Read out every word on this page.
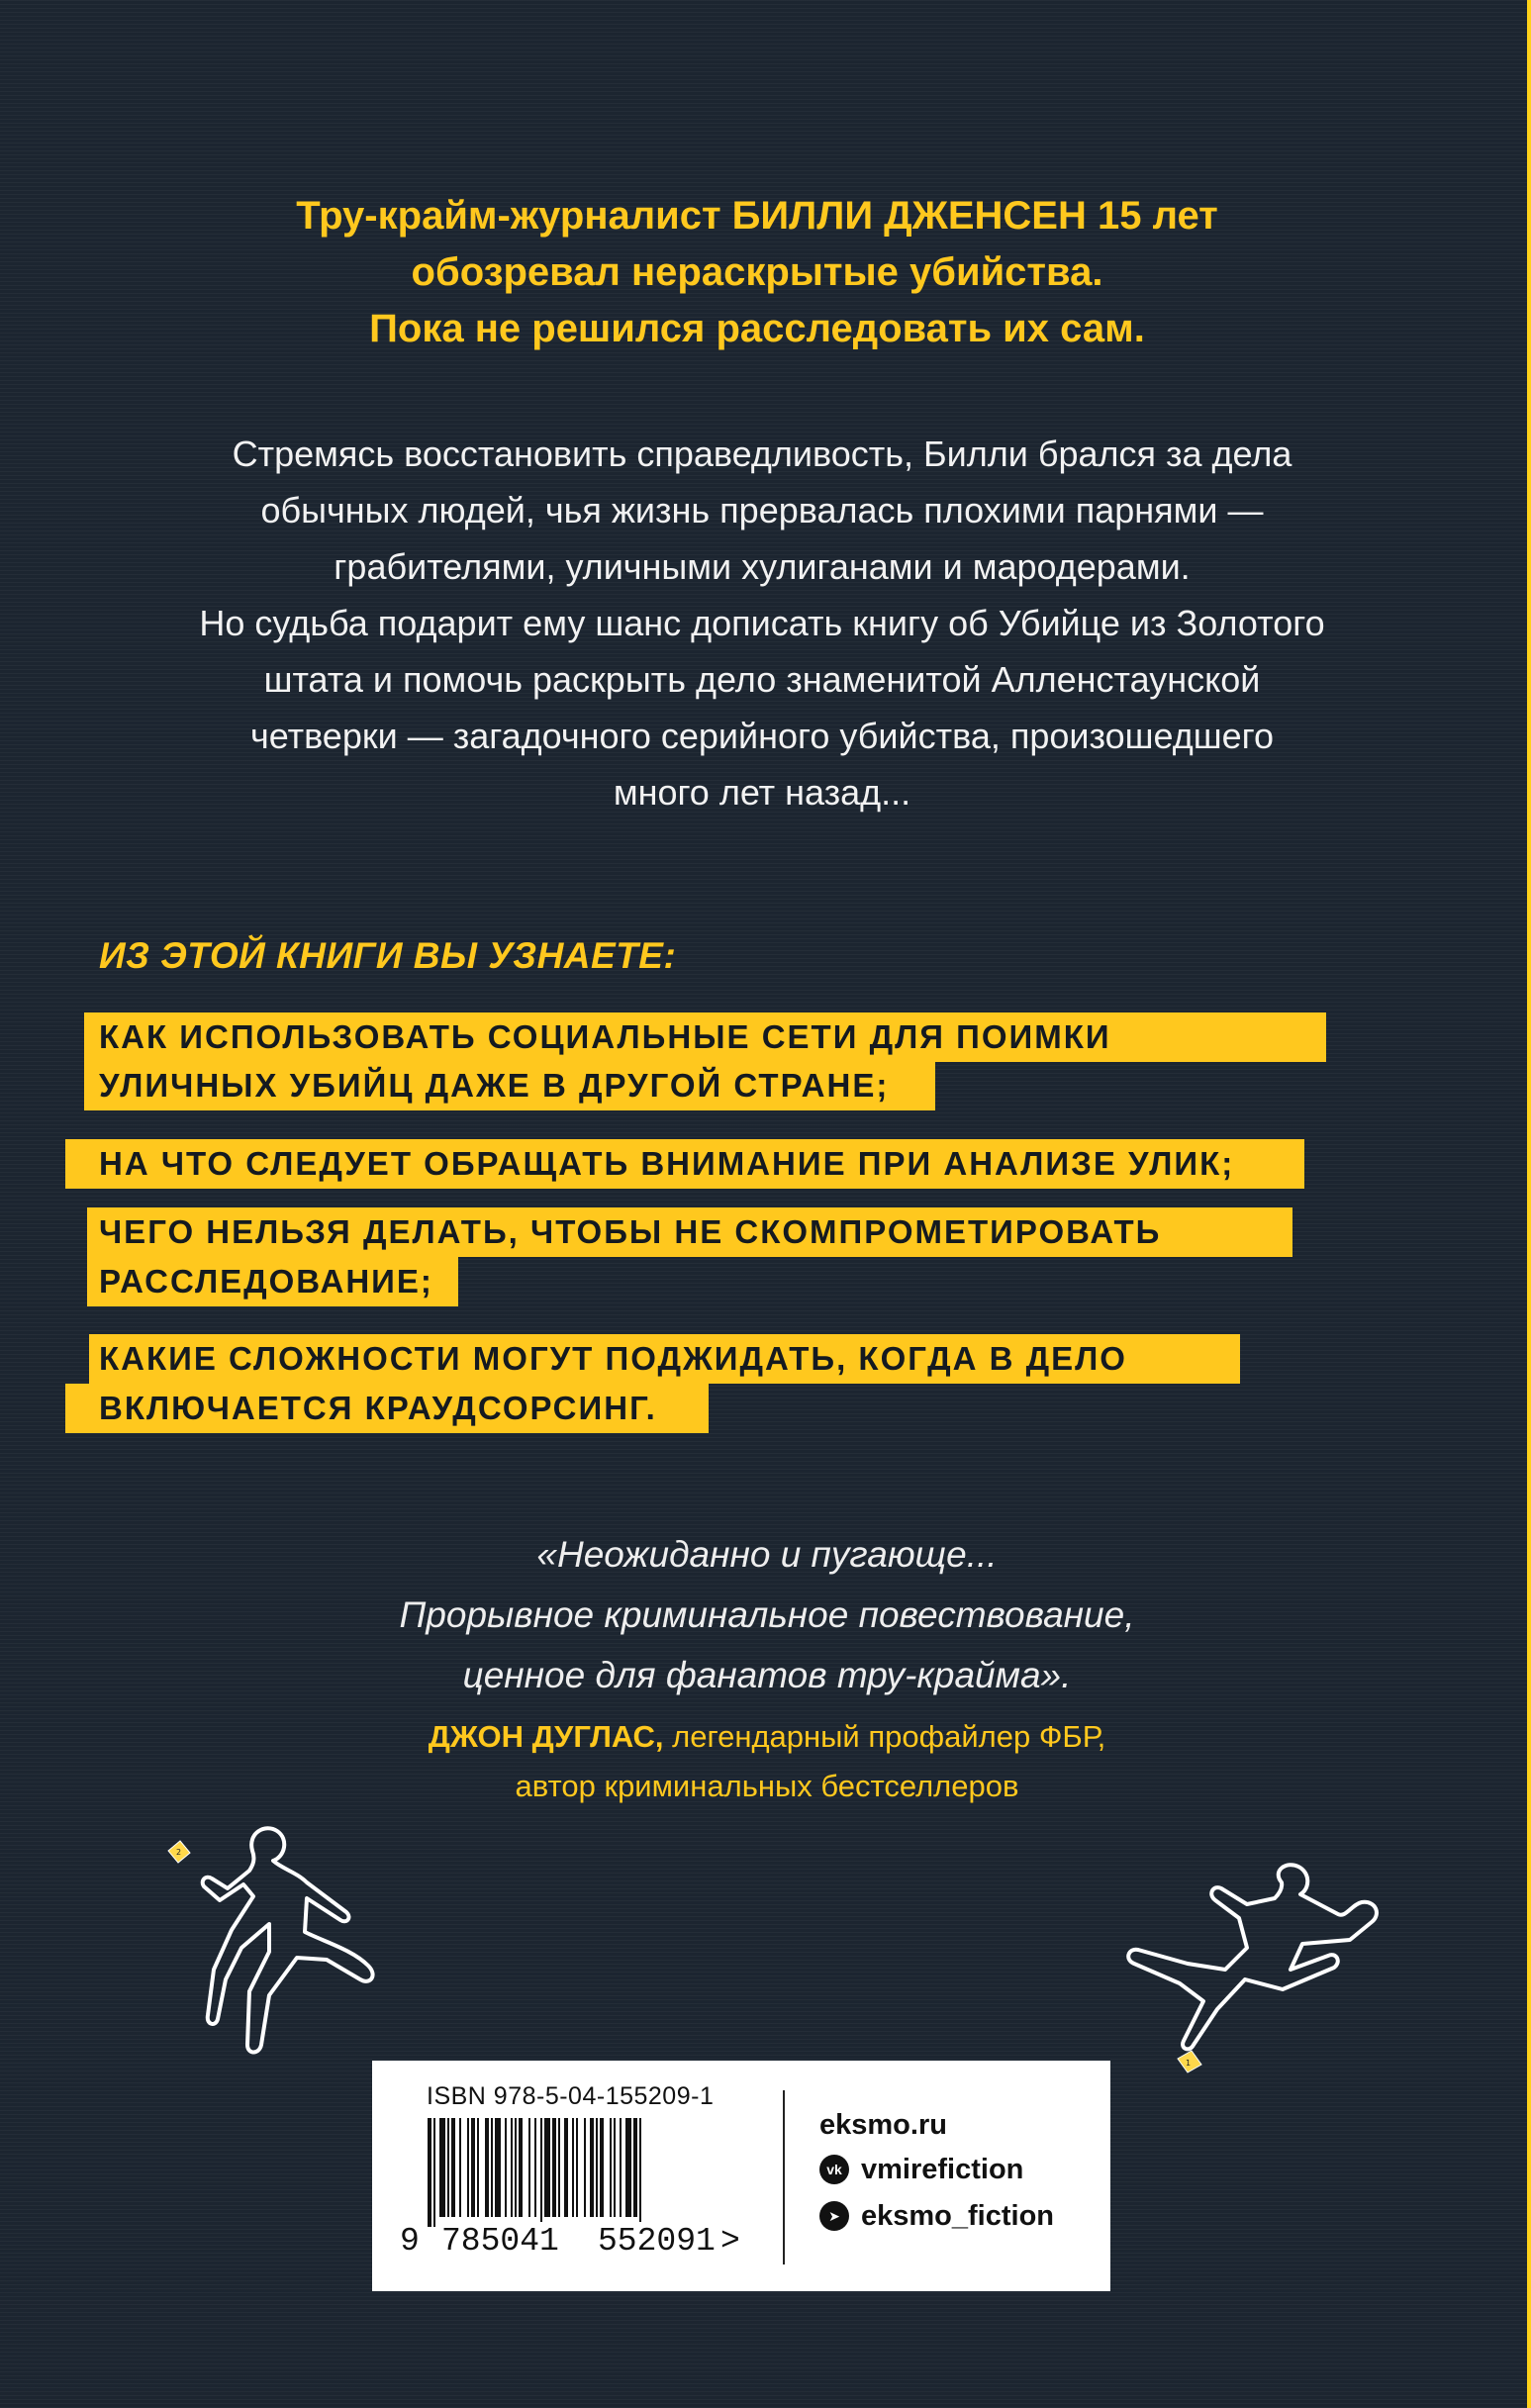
Тру-крайм-журналист БИЛЛИ ДЖЕНСЕН 15 лет
обозревал нераскрытые убийства.
Пока не решился расследовать их сам.
Стремясь восстановить справедливость, Билли брался за дела
обычных людей, чья жизнь прервалась плохими парнями —
грабителями, уличными хулиганами и мародерами.
Но судьба подарит ему шанс дописать книгу об Убийце из Золотого
штата и помочь раскрыть дело знаменитой Алленстаунской
четверки — загадочного серийного убийства, произошедшего
много лет назад...
ИЗ ЭТОЙ КНИГИ ВЫ УЗНАЕТЕ:
КАК ИСПОЛЬЗОВАТЬ СОЦИАЛЬНЫЕ СЕТИ ДЛЯ ПОИМКИ
УЛИЧНЫХ УБИЙЦ ДАЖЕ В ДРУГОЙ СТРАНЕ;
НА ЧТО СЛЕДУЕТ ОБРАЩАТЬ ВНИМАНИЕ ПРИ АНАЛИЗЕ УЛИК;
ЧЕГО НЕЛЬЗЯ ДЕЛАТЬ, ЧТОБЫ НЕ СКОМПРОМЕТИРОВАТЬ
РАССЛЕДОВАНИЕ;
КАКИЕ СЛОЖНОСТИ МОГУТ ПОДЖИДАТЬ, КОГДА В ДЕЛО
ВКЛЮЧАЕТСЯ КРАУДСОРСИНГ.
«Неожиданно и пугающе...
Прорывное криминальное повествование,
ценное для фанатов тру-крайма».
ДЖОН ДУГЛАС, легендарный профайлер ФБР,
автор криминальных бестселлеров
2
1
ISBN 978-5-04-155209-1
9 785041 552091 >
eksmo.ru
vk vmirefiction
➤ eksmo_fiction
